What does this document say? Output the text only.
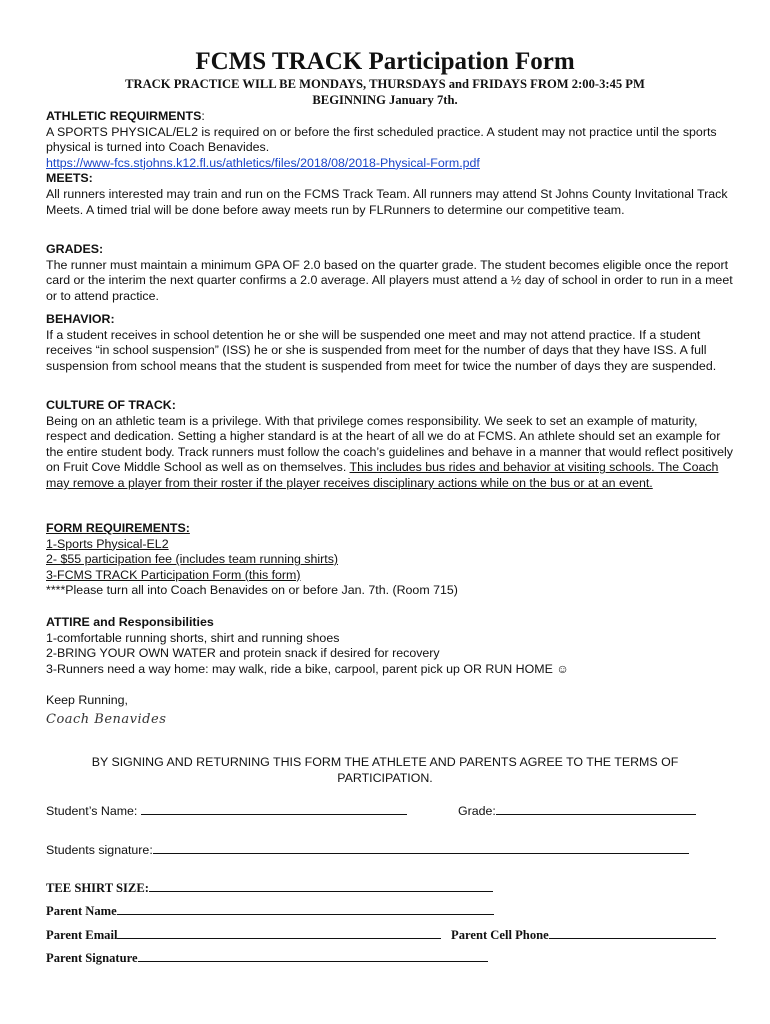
FCMS TRACK Participation Form
TRACK PRACTICE WILL BE MONDAYS, THURSDAYS and FRIDAYS FROM 2:00-3:45 PM
BEGINNING January 7th.
ATHLETIC REQUIRMENTS:
A SPORTS PHYSICAL/EL2 is required on or before the first scheduled practice. A student may not practice until the sports physical is turned into Coach Benavides.
https://www-fcs.stjohns.k12.fl.us/athletics/files/2018/08/2018-Physical-Form.pdf
MEETS:
All runners interested may train and run on the FCMS Track Team. All runners may attend St Johns County Invitational Track Meets. A timed trial will be done before away meets run by FLRunners to determine our competitive team.
GRADES:
The runner must maintain a minimum GPA OF 2.0 based on the quarter grade. The student becomes eligible once the report card or the interim the next quarter confirms a 2.0 average. All players must attend a ½ day of school in order to run in a meet or to attend practice.
BEHAVIOR:
If a student receives in school detention he or she will be suspended one meet and may not attend practice. If a student receives “in school suspension” (ISS) he or she is suspended from meet for the number of days that they have ISS. A full suspension from school means that the student is suspended from meet for twice the number of days they are suspended.
CULTURE OF TRACK:
Being on an athletic team is a privilege. With that privilege comes responsibility. We seek to set an example of maturity, respect and dedication. Setting a higher standard is at the heart of all we do at FCMS. An athlete should set an example for the entire student body. Track runners must follow the coach’s guidelines and behave in a manner that would reflect positively on Fruit Cove Middle School as well as on themselves. This includes bus rides and behavior at visiting schools. The Coach may remove a player from their roster if the player receives disciplinary actions while on the bus or at an event.
FORM REQUIREMENTS:
1-Sports Physical-EL2
2- $55 participation fee (includes team running shirts)
3-FCMS TRACK Participation Form (this form)
****Please turn all into Coach Benavides on or before Jan. 7th. (Room 715)
ATTIRE and Responsibilities
1-comfortable running shorts, shirt and running shoes
2-BRING YOUR OWN WATER and protein snack if desired for recovery
3-Runners need a way home: may walk, ride a bike, carpool, parent pick up OR RUN HOME ☺
Keep Running,
Coach Benavides
BY SIGNING AND RETURNING THIS FORM THE ATHLETE AND PARENTS AGREE TO THE TERMS OF
PARTICIPATION.
Student’s Name:	Grade:
Students signature:
TEE SHIRT SIZE:
Parent Name
Parent Email	Parent Cell Phone
Parent Signature
